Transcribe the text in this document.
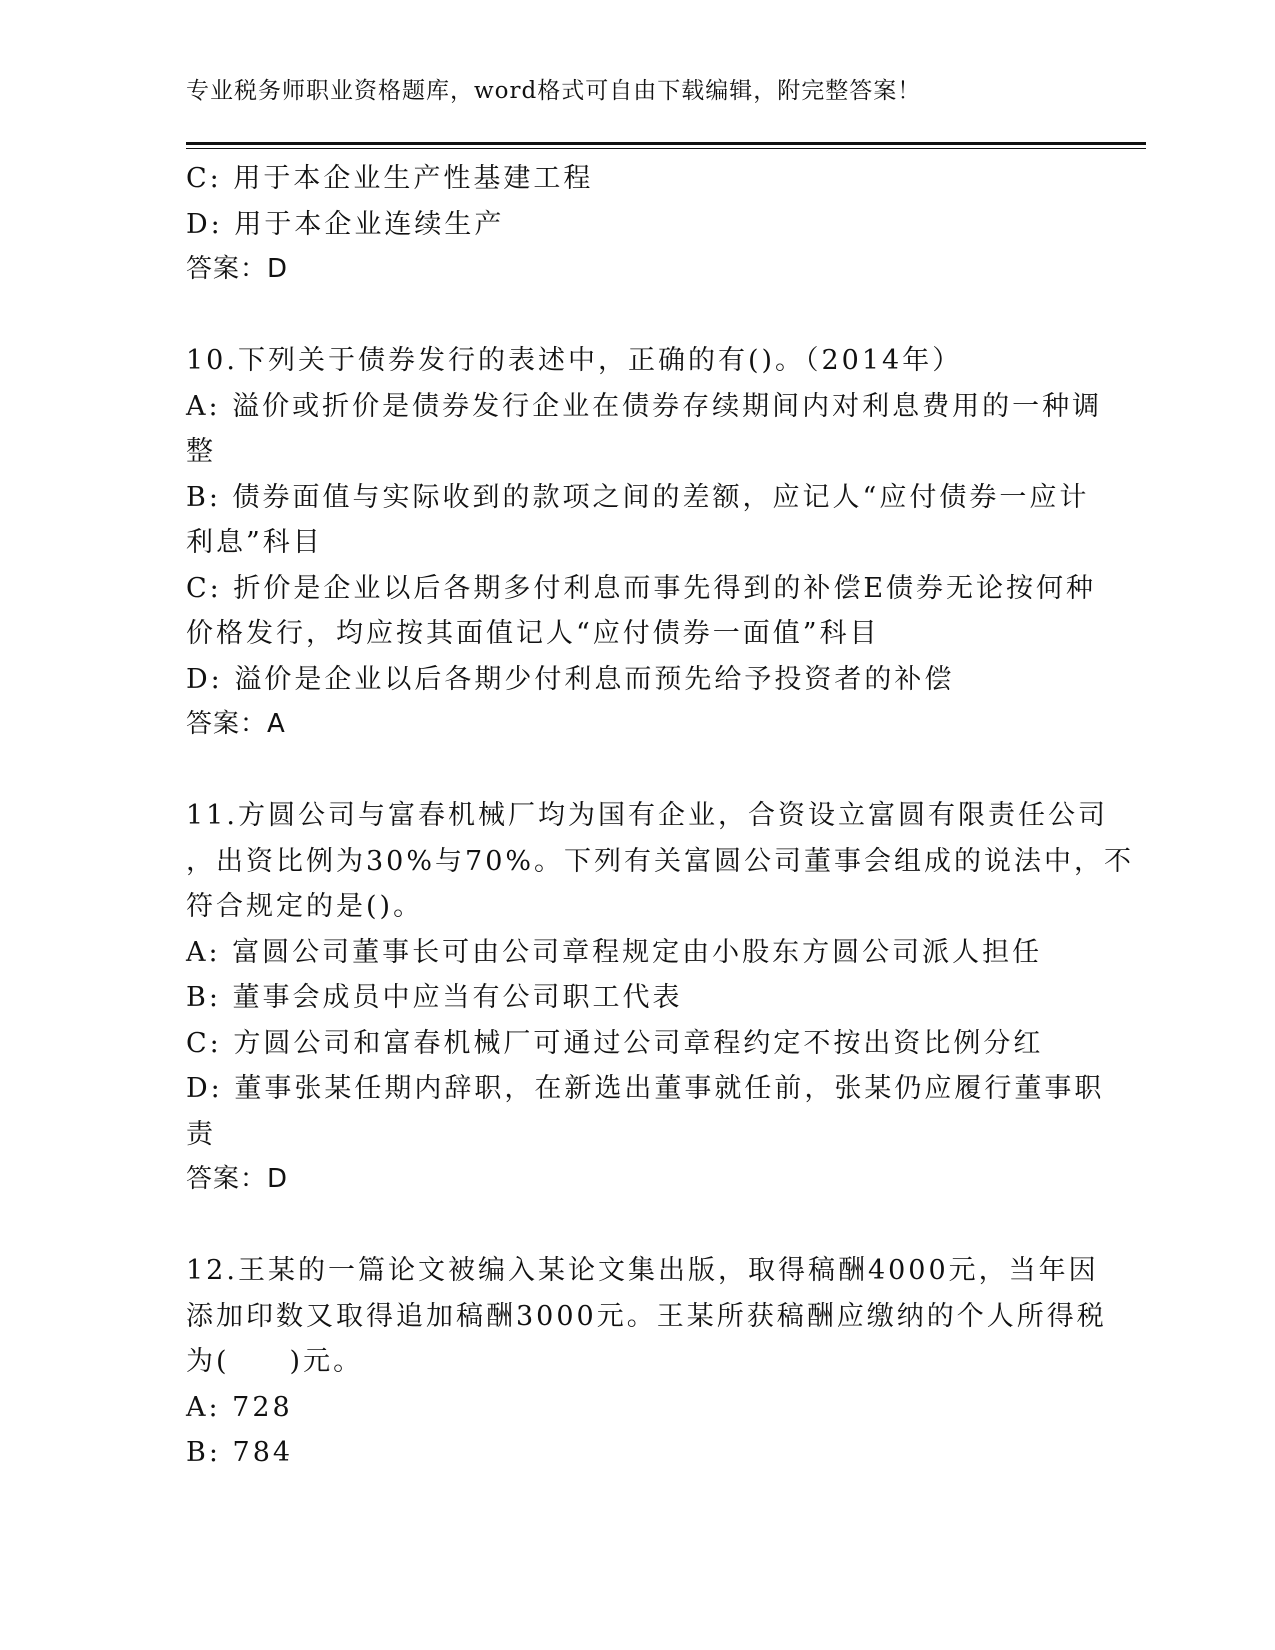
专业税务师职业资格题库，word格式可自由下载编辑，附完整答案！
C: 用于本企业生产性基建工程
D: 用于本企业连续生产
答案：D
10.下列关于债券发行的表述中，正确的有()。（2014年）
A: 溢价或折价是债券发行企业在债券存续期间内对利息费用的一种调
整
B: 债券面值与实际收到的款项之间的差额，应记人“应付债券一应计
利息”科目
C: 折价是企业以后各期多付利息而事先得到的补偿E债券无论按何种
价格发行，均应按其面值记人“应付债券一面值”科目
D: 溢价是企业以后各期少付利息而预先给予投资者的补偿
答案：A
11.方圆公司与富春机械厂均为国有企业，合资设立富圆有限责任公司
，出资比例为30%与70%。下列有关富圆公司董事会组成的说法中，不
符合规定的是()。
A: 富圆公司董事长可由公司章程规定由小股东方圆公司派人担任
B: 董事会成员中应当有公司职工代表
C: 方圆公司和富春机械厂可通过公司章程约定不按出资比例分红
D: 董事张某任期内辞职，在新选出董事就任前，张某仍应履行董事职
责
答案：D
12.王某的一篇论文被编入某论文集出版，取得稿酬4000元，当年因
添加印数又取得追加稿酬3000元。王某所获稿酬应缴纳的个人所得税
为(　　)元。
A: 728
B: 784
